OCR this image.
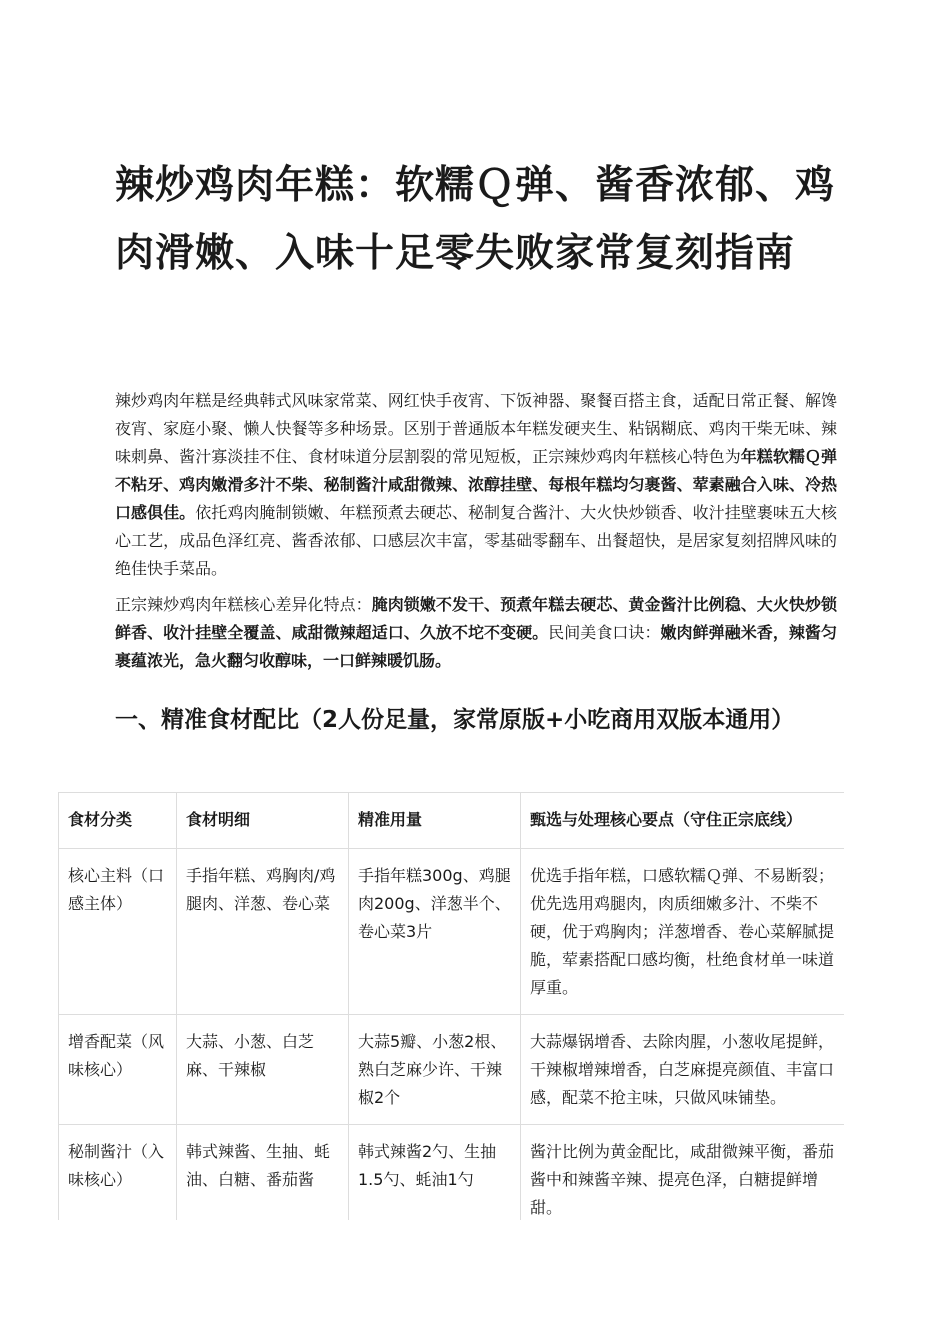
辣炒鸡肉年糕：软糯Ｑ弹、酱香浓郁、鸡肉滑嫩、入味十足零失败家常复刻指南

辣炒鸡肉年糕是经典韩式风味家常菜、网红快手夜宵、下饭神器、聚餐百搭主食，适配日常正餐、解馋夜宵、家庭小聚、懒人快餐等多种场景。区别于普通版本年糕发硬夹生、粘锅糊底、鸡肉干柴无味、辣味刺鼻、酱汁寡淡挂不住、食材味道分层割裂的常见短板，正宗辣炒鸡肉年糕核心特色为年糕软糯Ｑ弹不粘牙、鸡肉嫩滑多汁不柴、秘制酱汁咸甜微辣、浓醇挂壁、每根年糕均匀裹酱、荤素融合入味、冷热口感俱佳。依托鸡肉腌制锁嫩、年糕预煮去硬芯、秘制复合酱汁、大火快炒锁香、收汁挂壁裹味五大核心工艺，成品色泽红亮、酱香浓郁、口感层次丰富，零基础零翻车、出餐超快，是居家复刻招牌风味的绝佳快手菜品。

正宗辣炒鸡肉年糕核心差异化特点：腌肉锁嫩不发干、预煮年糕去硬芯、黄金酱汁比例稳、大火快炒锁鲜香、收汁挂壁全覆盖、咸甜微辣超适口、久放不坨不变硬。民间美食口诀：嫩肉鲜弹融米香，辣酱匀裹蕴浓光，急火翻匀收醇味，一口鲜辣暖饥肠。

一、精准食材配比（2人份足量，家常原版+小吃商用双版本通用）
食材分类	食材明细	精准用量	甄选与处理核心要点（守住正宗底线）
核心主料（口感主体）	手指年糕、鸡胸肉/鸡腿肉、洋葱、卷心菜	手指年糕300g、鸡腿肉200g、洋葱半个、卷心菜3片	优选手指年糕，口感软糯Ｑ弹、不易断裂；优先选用鸡腿肉，肉质细嫩多汁、不柴不硬，优于鸡胸肉；洋葱增香、卷心菜解腻提脆，荤素搭配口感均衡，杜绝食材单一味道厚重。
增香配菜（风味核心）	大蒜、小葱、白芝麻、干辣椒	大蒜5瓣、小葱2根、熟白芝麻少许、干辣椒2个	大蒜爆锅增香、去除肉腥，小葱收尾提鲜，干辣椒增辣增香，白芝麻提亮颜值、丰富口感，配菜不抢主味，只做风味铺垫。
秘制酱汁（入味核心）	韩式辣酱、生抽、蚝油、白糖、番茄酱	韩式辣酱2勺、生抽1.5勺、蚝油1勺	酱汁比例为黄金配比，咸甜微辣平衡，番茄酱中和辣酱辛辣、提亮色泽，白糖提鲜增甜。
